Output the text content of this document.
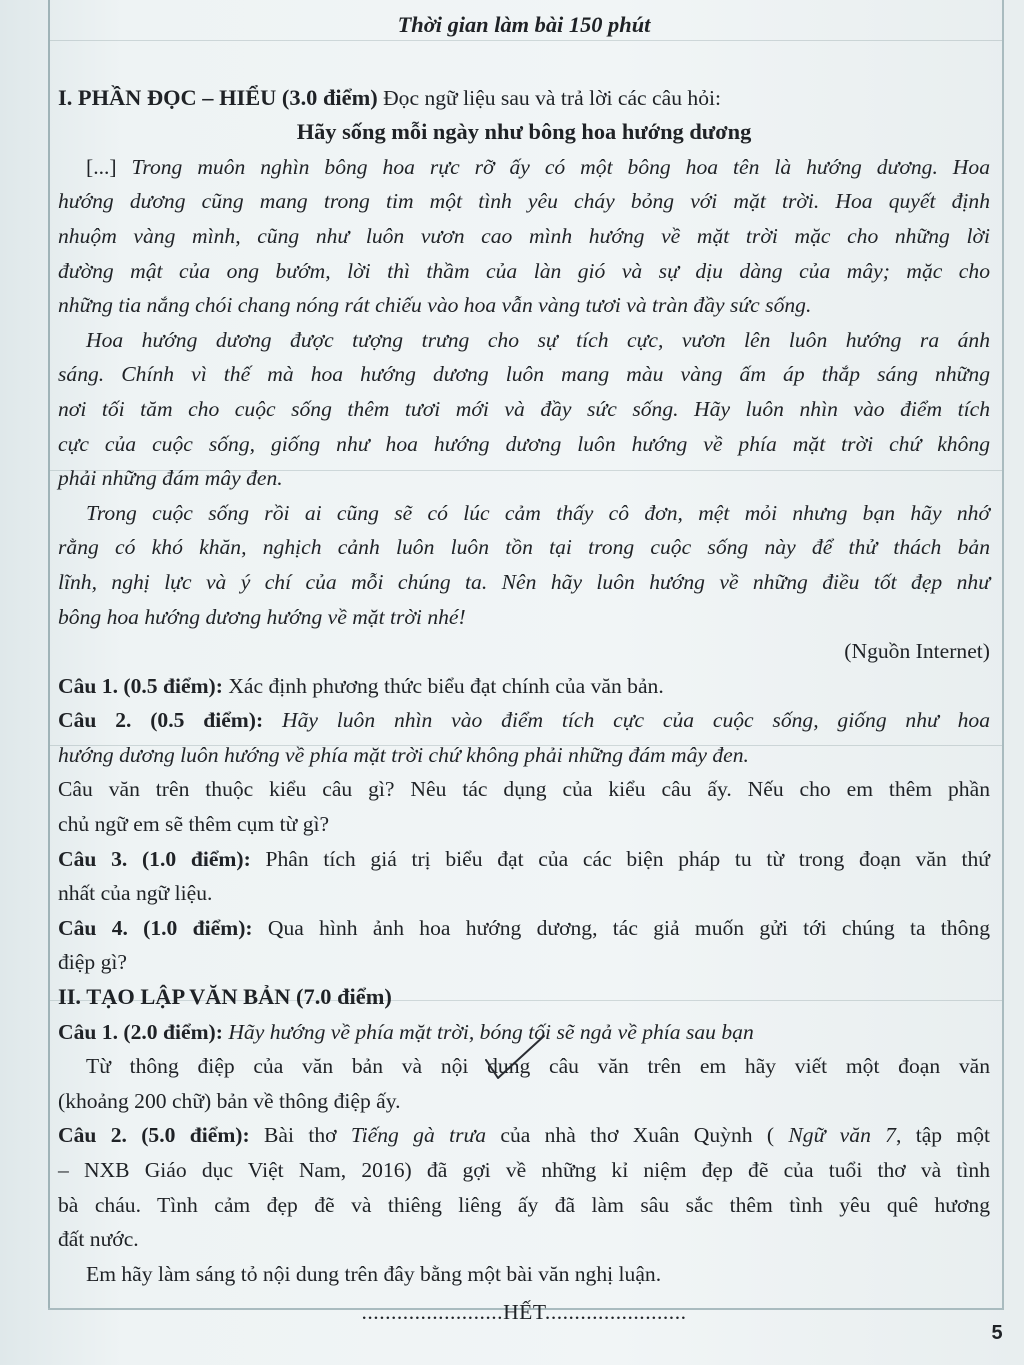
Thời gian làm bài 150 phút
I. PHẦN ĐỌC – HIỂU (3.0 điểm) Đọc ngữ liệu sau và trả lời các câu hỏi:
Hãy sống mỗi ngày như bông hoa hướng dương
[...] Trong muôn nghìn bông hoa rực rỡ ấy có một bông hoa tên là hướng dương. Hoa
hướng dương cũng mang trong tim một tình yêu cháy bỏng với mặt trời. Hoa quyết định
nhuộm vàng mình, cũng như luôn vươn cao mình hướng về mặt trời mặc cho những lời
đường mật của ong bướm, lời thì thầm của làn gió và sự dịu dàng của mây; mặc cho
những tia nắng chói chang nóng rát chiếu vào hoa vẫn vàng tươi và tràn đầy sức sống.
Hoa hướng dương được tượng trưng cho sự tích cực, vươn lên luôn hướng ra ánh
sáng. Chính vì thế mà hoa hướng dương luôn mang màu vàng ấm áp thắp sáng những
nơi tối tăm cho cuộc sống thêm tươi mới và đầy sức sống. Hãy luôn nhìn vào điểm tích
cực của cuộc sống, giống như hoa hướng dương luôn hướng về phía mặt trời chứ không
phải những đám mây đen.
Trong cuộc sống rồi ai cũng sẽ có lúc cảm thấy cô đơn, mệt mỏi nhưng bạn hãy nhớ
rằng có khó khăn, nghịch cảnh luôn luôn tồn tại trong cuộc sống này để thử thách bản
lĩnh, nghị lực và ý chí của mỗi chúng ta. Nên hãy luôn hướng về những điều tốt đẹp như
bông hoa hướng dương hướng về mặt trời nhé!
(Nguồn Internet)
Câu 1. (0.5 điểm): Xác định phương thức biểu đạt chính của văn bản.
Câu 2. (0.5 điểm): Hãy luôn nhìn vào điểm tích cực của cuộc sống, giống như hoa
hướng dương luôn hướng về phía mặt trời chứ không phải những đám mây đen.
Câu văn trên thuộc kiểu câu gì? Nêu tác dụng của kiểu câu ấy. Nếu cho em thêm phần
chủ ngữ em sẽ thêm cụm từ gì?
Câu 3. (1.0 điểm): Phân tích giá trị biểu đạt của các biện pháp tu từ trong đoạn văn thứ
nhất của ngữ liệu.
Câu 4. (1.0 điểm): Qua hình ảnh hoa hướng dương, tác giả muốn gửi tới chúng ta thông
điệp gì?
II. TẠO LẬP VĂN BẢN (7.0 điểm)
Câu 1. (2.0 điểm): Hãy hướng về phía mặt trời, bóng tối sẽ ngả về phía sau bạn
Từ thông điệp của văn bản và nội dung câu văn trên em hãy viết một đoạn văn
(khoảng 200 chữ) bản về thông điệp ấy.
Câu 2. (5.0 điểm): Bài thơ Tiếng gà trưa của nhà thơ Xuân Quỳnh ( Ngữ văn 7, tập một
– NXB Giáo dục Việt Nam, 2016) đã gợi về những kỉ niệm đẹp đẽ của tuổi thơ và tình
bà cháu. Tình cảm đẹp đẽ và thiêng liêng ấy đã làm sâu sắc thêm tình yêu quê hương
đất nước.
Em hãy làm sáng tỏ nội dung trên đây bằng một bài văn nghị luận.
........................HẾT........................
5
